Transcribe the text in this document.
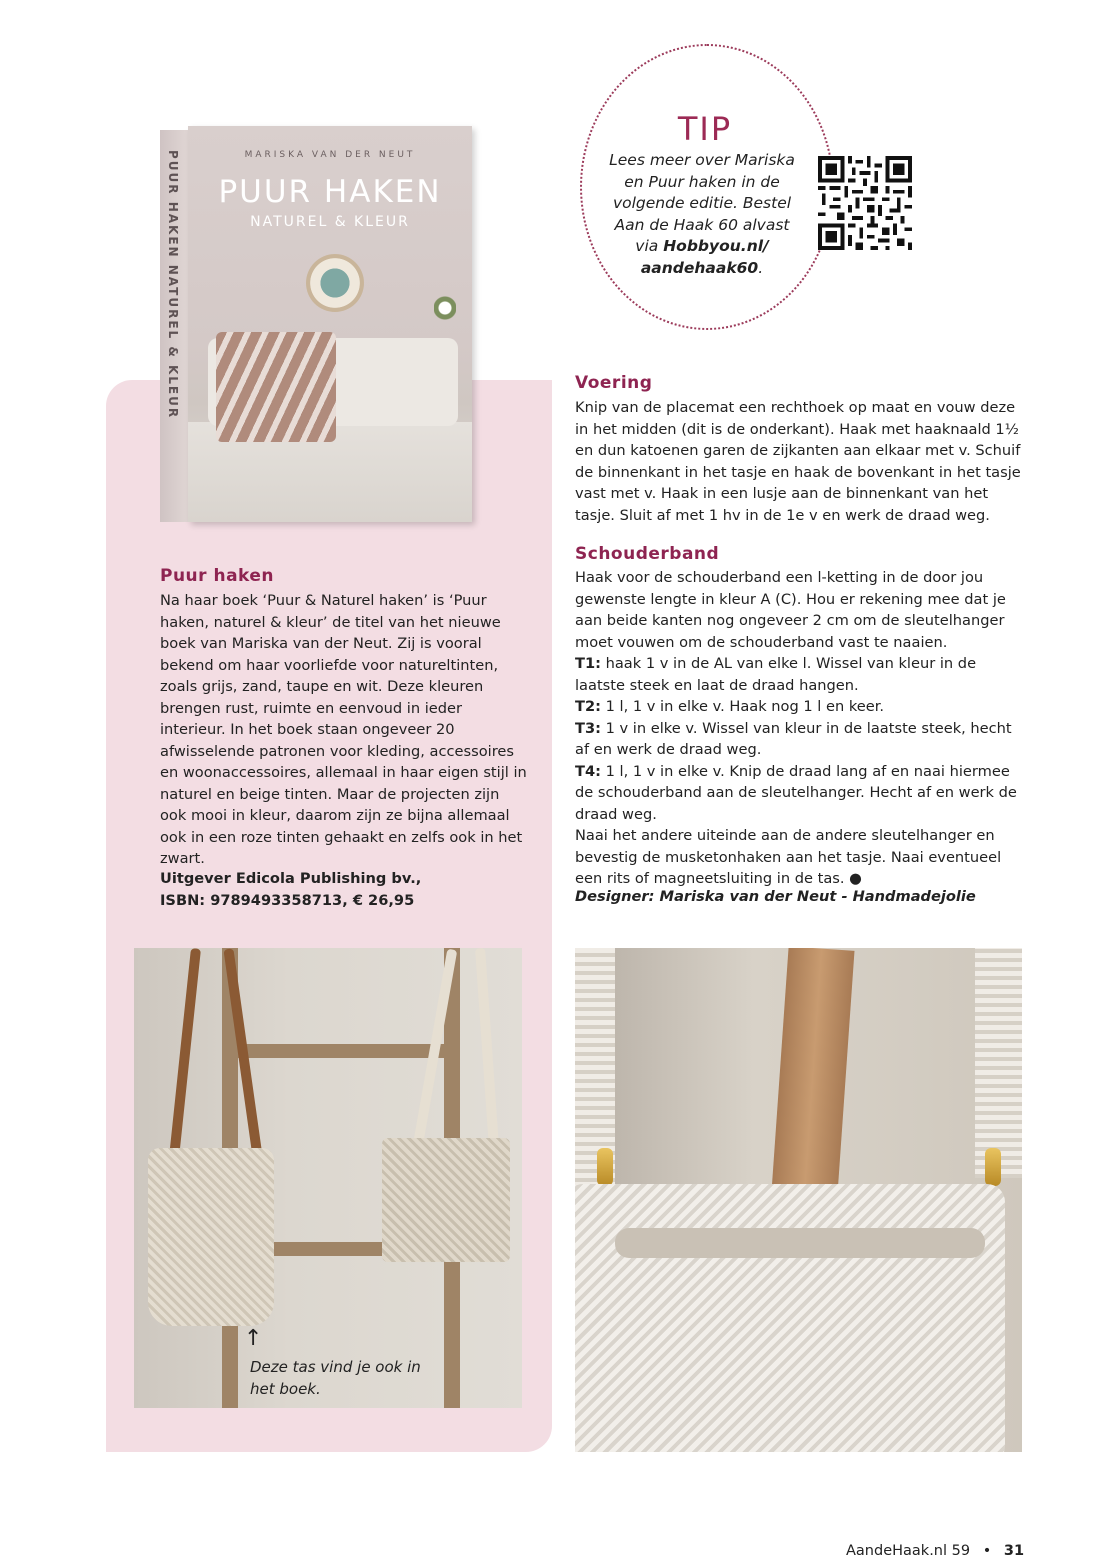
PUUR HAKEN NATUREL & KLEUR	MARISKA VAN DER NEUT
PUUR HAKEN
NATUREL & KLEUR
TIP
Lees meer over Mariska
en Puur haken in de
volgende editie. Bestel
Aan de Haak 60 alvast
via Hobbyou.nl/
aandehaak60.
Puur haken
Na haar boek ‘Puur & Naturel haken’ is ‘Puur haken, naturel & kleur’ de titel van het nieuwe boek van Mariska van der Neut. Zij is vooral bekend om haar voorliefde voor natureltinten, zoals grijs, zand, taupe en wit. Deze kleuren brengen rust, ruimte en eenvoud in ieder interieur. In het boek staan ongeveer 20 afwisselende patronen voor kleding, accessoires en woonaccessoires, allemaal in haar eigen stijl in naturel en beige tinten. Maar de projecten zijn ook mooi in kleur, daarom zijn ze bijna allemaal ook in een roze tinten gehaakt en zelfs ook in het zwart.
Uitgever Edicola Publishing bv.,
ISBN: 9789493358713, € 26,95
Voering
Knip van de placemat een rechthoek op maat en vouw deze in het midden (dit is de onderkant). Haak met haaknaald 1½ en dun katoenen garen de zijkanten aan elkaar met v. Schuif de binnenkant in het tasje en haak de bovenkant in het tasje vast met v. Haak in een lusje aan de binnenkant van het tasje. Sluit af met 1 hv in de 1e v en werk de draad weg.
Schouderband

Haak voor de schouderband een l-ketting in de door jou gewenste lengte in kleur A (C). Hou er rekening mee dat je aan beide kanten nog ongeveer 2 cm om de sleutelhanger moet vouwen om de schouderband vast te naaien.

T1: haak 1 v in de AL van elke l. Wissel van kleur in de laatste steek en laat de draad hangen.

T2: 1 l, 1 v in elke v. Haak nog 1 l en keer.

T3: 1 v in elke v. Wissel van kleur in de laatste steek, hecht af en werk de draad weg.

T4: 1 l, 1 v in elke v. Knip de draad lang af en naai hiermee de schouderband aan de sleutelhanger. Hecht af en werk de draad weg.

Naai het andere uiteinde aan de andere sleutelhanger en bevestig de musketonhaken aan het tasje. Naai eventueel een rits of magneetsluiting in de tas. ●

Designer: Mariska van der Neut - Handmadejolie
↑
Deze tas vind je ook in het boek.
AandeHaak.nl 59 • 31
